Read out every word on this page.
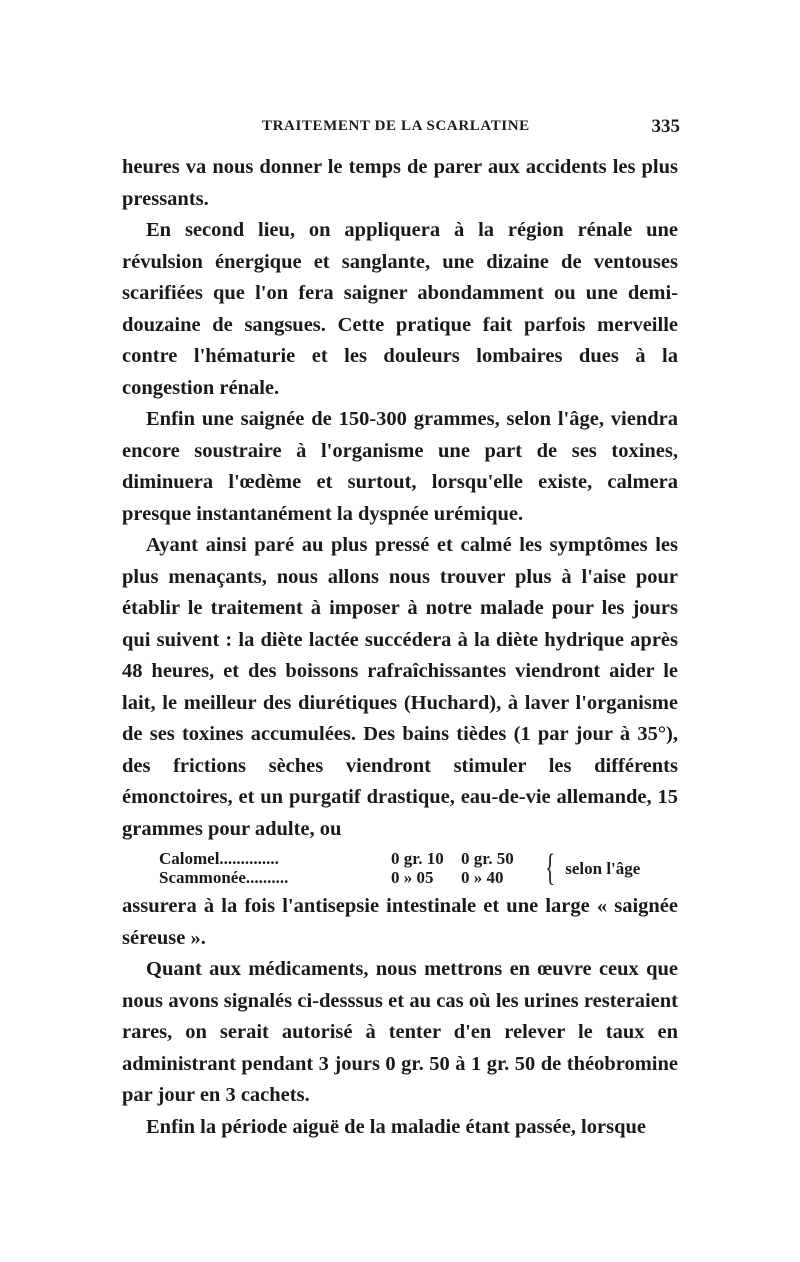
TRAITEMENT DE LA SCARLATINE	335

heures va nous donner le temps de parer aux accidents les plus pressants.

En second lieu, on appliquera à la région rénale une révulsion énergique et sanglante, une dizaine de ventouses scarifiées que l'on fera saigner abondamment ou une demi-douzaine de sangsues. Cette pratique fait parfois merveille contre l'hématurie et les douleurs lombaires dues à la congestion rénale.

Enfin une saignée de 150-300 grammes, selon l'âge, viendra encore soustraire à l'organisme une part de ses toxines, diminuera l'œdème et surtout, lorsqu'elle existe, calmera presque instantanément la dyspnée urémique.

Ayant ainsi paré au plus pressé et calmé les symptômes les plus menaçants, nous allons nous trouver plus à l'aise pour établir le traitement à imposer à notre malade pour les jours qui suivent : la diète lactée succédera à la diète hydrique après 48 heures, et des boissons rafraîchissantes viendront aider le lait, le meilleur des diurétiques (Huchard), à laver l'organisme de ses toxines accumulées. Des bains tièdes (1 par jour à 35°), des frictions sèches viendront stimuler les différents émonctoires, et un purgatif drastique, eau-de-vie allemande, 15 grammes pour adulte, ou

Calomel..............	0 gr. 10	0 gr. 50
Scammonée..........	0 » 05	0 » 40	{ selon l'âge

assurera à la fois l'antisepsie intestinale et une large « saignée séreuse ».

Quant aux médicaments, nous mettrons en œuvre ceux que nous avons signalés ci-desssus et au cas où les urines resteraient rares, on serait autorisé à tenter d'en relever le taux en administrant pendant 3 jours 0 gr. 50 à 1 gr. 50 de théobromine par jour en 3 cachets.

Enfin la période aiguë de la maladie étant passée, lorsque
